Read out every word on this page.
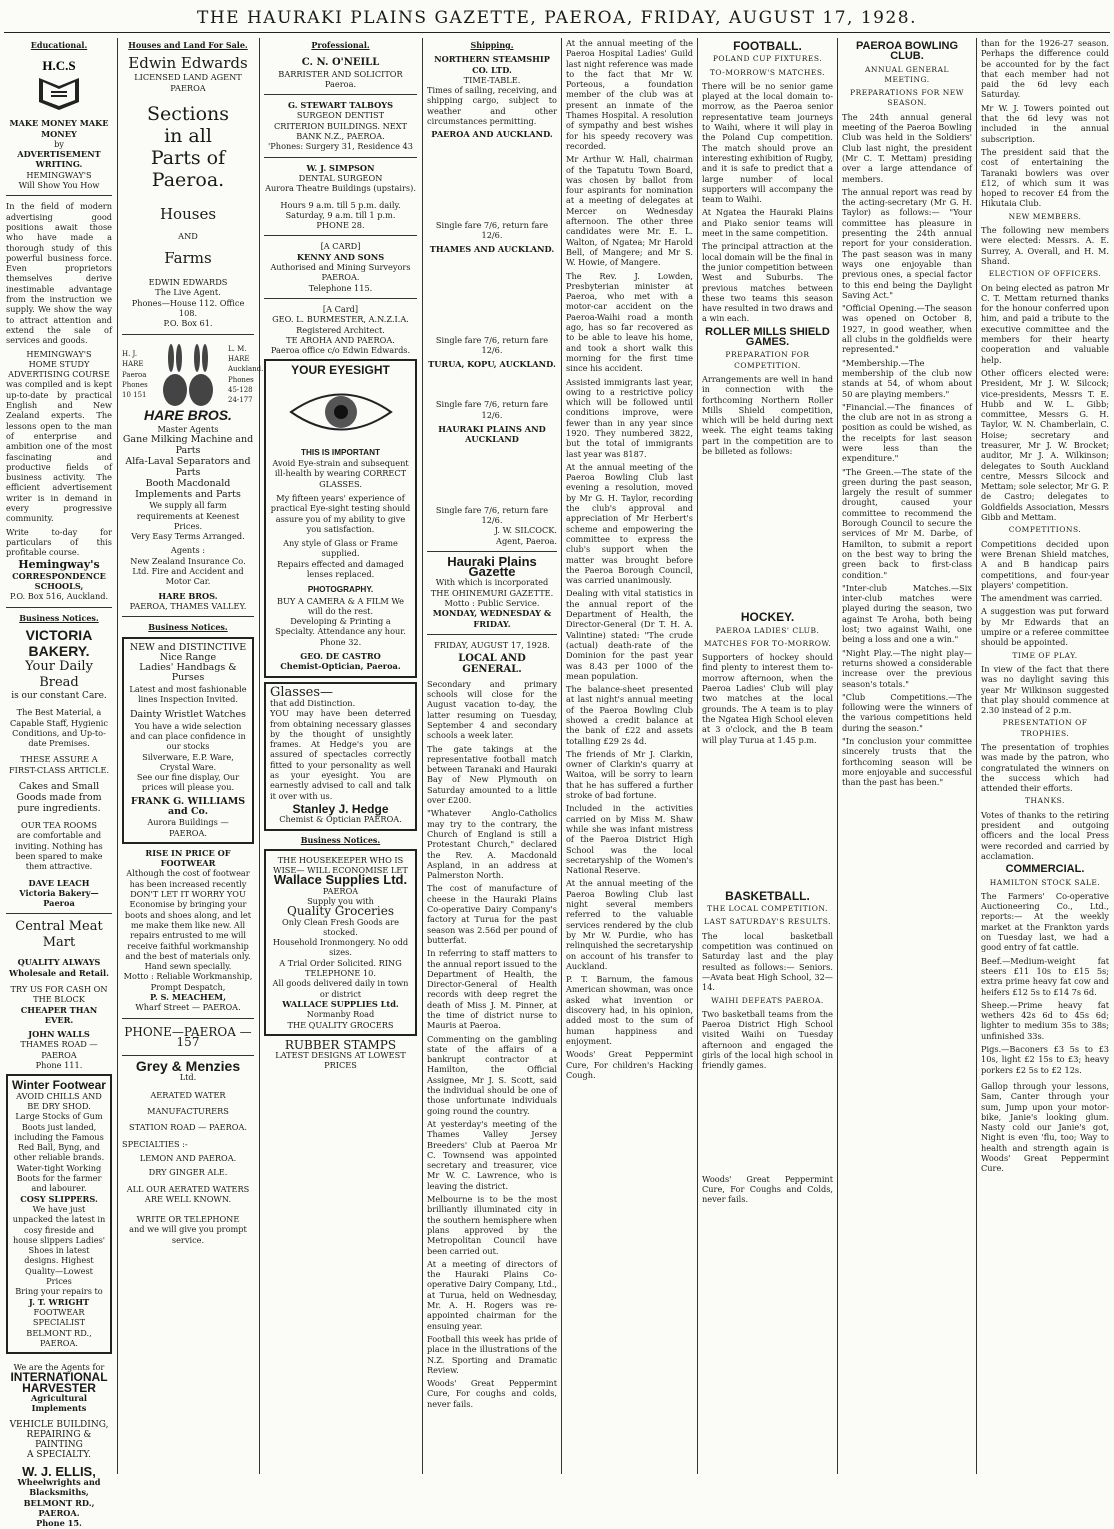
THE HAURAKI PLAINS GAZETTE, PAEROA, FRIDAY, AUGUST 17, 1928.
Educational.
H.C.S
MAKE MONEY MAKE MONEY
by
ADVERTISEMENT WRITING.
HEMINGWAY'S
Will Show You How

In the field of modern advertising good positions await those who have made a thorough study of this powerful business force. Even proprietors themselves derive inestimable advantage from the instruction we supply. We show the way to attract attention and extend the sale of services and goods.

HEMINGWAY'S
HOME STUDY
ADVERTISING COURSE

was compiled and is kept up-to-date by practical English and New Zealand experts. The lessons open to the man of enterprise and ambition one of the most fascinating and productive fields of business activity. The efficient advertisement writer is in demand in every progressive community.

Write to-day for particulars of this profitable course.

Hemingway's
CORRESPONDENCE SCHOOLS,
P.O. Box 516, Auckland.
Business Notices.
VICTORIA BAKERY.
Your Daily Bread
is our constant Care.
The Best Material, a Capable Staff, Hygienic Conditions, and Up-to-date Premises.
THESE ASSURE A FIRST-CLASS ARTICLE.
Cakes and Small Goods made from pure ingredients.
OUR TEA ROOMS
are comfortable and inviting. Nothing has been spared to make them attractive.
DAVE LEACH
Victoria Bakery—Paeroa
Central Meat Mart
QUALITY ALWAYS
Wholesale and Retail.
TRY US FOR CASH ON THE BLOCK
CHEAPER THAN EVER.
JOHN WALLS
THAMES ROAD — PAEROA
Phone 111.
Winter Footwear
AVOID CHILLS AND BE DRY SHOD.
Large Stocks of Gum Boots just landed, including the Famous Red Ball, Byng, and other reliable brands.
Water-tight Working Boots for the farmer and labourer.
COSY SLIPPERS.
We have just unpacked the latest in cosy fireside and house slippers Ladies' Shoes in latest designs. Highest Quality—Lowest Prices
Bring your repairs to
J. T. WRIGHT
FOOTWEAR SPECIALIST
BELMONT RD., PAEROA.
We are the Agents for
INTERNATIONAL
HARVESTER
Agricultural Implements
VEHICLE BUILDING,
REPAIRING & PAINTING
A SPECIALTY.
W. J. ELLIS,
Wheelwrights and
Blacksmiths,
BELMONT RD., PAEROA.
Phone 15.
Houses and Land For Sale.
Edwin Edwards
LICENSED LAND AGENT
PAEROA
Sections
in all
Parts of Paeroa.
Houses
AND
Farms
EDWIN EDWARDS
The Live Agent.
Phones—House 112. Office 108.
P.O. Box 61.
H. J. HARE Paeroa Phones 10 151
L. M. HARE Auckland. Phones 45-128 24-177
HARE BROS.
Master Agents
Gane Milking Machine and Parts
Alfa-Laval Separators and Parts
Booth Macdonald Implements and Parts
We supply all farm requirements at Keenest Prices.
Very Easy Terms Arranged.
Agents :
New Zealand Insurance Co. Ltd. Fire and Accident and Motor Car.
HARE BROS.
PAEROA, THAMES VALLEY.
Business Notices.
NEW and DISTINCTIVE
Nice Range
Ladies' Handbags & Purses
Latest and most fashionable lines Inspection Invited.
Dainty Wristlet Watches
You have a wide selection and can place confidence in our stocks
Silverware, E.P. Ware, Crystal Ware.
See our fine display, Our prices will please you.
FRANK G. WILLIAMS and Co.
Aurora Buildings — PAEROA.
RISE IN PRICE OF FOOTWEAR
Although the cost of footwear has been increased recently DON'T LET IT WORRY YOU Economise by bringing your boots and shoes along, and let me make them like new. All repairs entrusted to me will receive faithful workmanship and the best of materials only. Hand sewn specially.
Motto : Reliable Workmanship, Prompt Despatch,
P. S. MEACHEM,
Wharf Street — PAEROA.
PHONE—PAEROA —157
Grey & Menzies
Ltd.
AERATED WATER
MANUFACTURERS
STATION ROAD — PAEROA.
SPECIALTIES :-
LEMON AND PAEROA.
DRY GINGER ALE.
ALL OUR AERATED WATERS ARE WELL KNOWN.
WRITE OR TELEPHONE
and we will give you prompt service.
Professional.
C. N. O'NEILL
BARRISTER AND SOLICITOR
Paeroa.
G. STEWART TALBOYS
SURGEON DENTIST
CRITERION BUILDINGS. NEXT BANK N.Z., PAEROA.
'Phones: Surgery 31, Residence 43
W. J. SIMPSON
DENTAL SURGEON
Aurora Theatre Buildings (upstairs).
Hours 9 a.m. till 5 p.m. daily. Saturday, 9 a.m. till 1 p.m.
PHONE 28.
[A CARD]
KENNY AND SONS
Authorised and Mining Surveyors PAEROA.
Telephone 115.
[A Card]
GEO. L. BURMESTER, A.N.Z.I.A.
Registered Architect.
TE AROHA AND PAEROA.
Paeroa office c/o Edwin Edwards.
YOUR EYESIGHT
THIS IS IMPORTANT
Avoid Eye-strain and subsequent ill-health by wearing CORRECT GLASSES.
My fifteen years' experience of practical Eye-sight testing should assure you of my ability to give you satisfaction.
Any style of Glass or Frame supplied.
Repairs effected and damaged lenses replaced.
PHOTOGRAPHY.
BUY A CAMERA & A FILM We will do the rest.
Developing & Printing a Specialty. Attendance any hour. Phone 32.
GEO. DE CASTRO
Chemist-Optician, Paeroa.
Glasses—
that add Distinction.

YOU may have been deterred from obtaining necessary glasses by the thought of unsightly frames. At Hedge's you are assured of spectacles correctly fitted to your personality as well as your eyesight. You are earnestly advised to call and talk it over with us.

Stanley J. Hedge
Chemist & Optician PAEROA.
Business Notices.
THE HOUSEKEEPER WHO IS WISE— WILL ECONOMISE LET
Wallace Supplies Ltd.
PAEROA
Supply you with
Quality Groceries
Only Clean Fresh Goods are stocked.
Household Ironmongery. No odd sizes.
A Trial Order Solicited. RING TELEPHONE 10.
All goods delivered daily in town or district
WALLACE SUPPLIES Ltd.
Normanby Road
THE QUALITY GROCERS
RUBBER STAMPS
LATEST DESIGNS AT LOWEST PRICES
Shipping.
NORTHERN STEAMSHIP CO. LTD.
TIME-TABLE.

Times of sailing, receiving, and shipping cargo, subject to weather and other circumstances permitting.

PAEROA AND AUCKLAND.
Single fare 7/6, return fare 12/6.
THAMES AND AUCKLAND.
Single fare 7/6, return fare 12/6.
TURUA, KOPU, AUCKLAND.
Single fare 7/6, return fare 12/6.
HAURAKI PLAINS AND AUCKLAND
Single fare 7/6, return fare 12/6.
J. W. SILCOCK.
Agent, Paeroa.
Hauraki Plains Gazette
With which is incorporated
THE OHINEMURI GAZETTE.
Motto : Public Service.
MONDAY, WEDNESDAY & FRIDAY.
FRIDAY, AUGUST 17, 1928.
LOCAL AND GENERAL.

Secondary and primary schools will close for the August vacation to-day, the latter resuming on Tuesday, September 4 and secondary schools a week later.

The gate takings at the representative football match between Taranaki and Hauraki Bay of New Plymouth on Saturday amounted to a little over £200.

"Whatever Anglo-Catholics may try to the contrary, the Church of England is still a Protestant Church," declared the Rev. A. Macdonald Aspland, in an address at Palmerston North.

The cost of manufacture of cheese in the Hauraki Plains Co-operative Dairy Company's factory at Turua for the past season was 2.56d per pound of butterfat.

In referring to staff matters to the annual report issued to the Department of Health, the Director-General of Health records with deep regret the death of Miss J. M. Pinner, at the time of district nurse to Mauris at Paeroa.

Commenting on the gambling state of the affairs of a bankrupt contractor at Hamilton, the Official Assignee, Mr J. S. Scott, said the individual should be one of those unfortunate individuals going round the country.

At yesterday's meeting of the Thames Valley Jersey Breeders' Club at Paeroa Mr C. Townsend was appointed secretary and treasurer, vice Mr W. C. Lawrence, who is leaving the district.

Melbourne is to be the most brilliantly illuminated city in the southern hemisphere when plans approved by the Metropolitan Council have been carried out.

At a meeting of directors of the Hauraki Plains Co-operative Dairy Company, Ltd., at Turua, held on Wednesday, Mr. A. H. Rogers was re-appointed chairman for the ensuing year.

Football this week has pride of place in the illustrations of the N.Z. Sporting and Dramatic Review.

Woods' Great Peppermint Cure, For coughs and colds, never fails.

At the annual meeting of the Paeroa Hospital Ladies' Guild last night reference was made to the fact that Mr W. Porteous, a foundation member of the club was at present an inmate of the Thames Hospital. A resolution of sympathy and best wishes for his speedy recovery was recorded.

Mr Arthur W. Hall, chairman of the Tapatutu Town Board, was chosen by ballot from four aspirants for nomination at a meeting of delegates at Mercer on Wednesday afternoon. The other three candidates were Mr. E. L. Walton, of Ngatea; Mr Harold Bell, of Mangere; and Mr S. W. Howie, of Mangere.

The Rev. J. Lowden, Presbyterian minister at Paeroa, who met with a motor-car accident on the Paeroa-Waihi road a month ago, has so far recovered as to be able to leave his home, and took a short walk this morning for the first time since his accident.

Assisted immigrants last year, owing to a restrictive policy which will be followed until conditions improve, were fewer than in any year since 1920. They numbered 3822, but the total of immigrants last year was 8187.

At the annual meeting of the Paeroa Bowling Club last evening a resolution, moved by Mr G. H. Taylor, recording the club's approval and appreciation of Mr Herbert's scheme and empowering the committee to express the club's support when the matter was brought before the Paeroa Borough Council, was carried unanimously.

Dealing with vital statistics in the annual report of the Department of Health, the Director-General (Dr T. H. A. Valintine) stated: "The crude (actual) death-rate of the Dominion for the past year was 8.43 per 1000 of the mean population.

The balance-sheet presented at last night's annual meeting of the Paeroa Bowling Club showed a credit balance at the bank of £22 and assets totalling £29 2s 4d.

The friends of Mr J. Clarkin, owner of Clarkin's quarry at Waitoa, will be sorry to learn that he has suffered a further stroke of bad fortune.

Included in the activities carried on by Miss M. Shaw while she was infant mistress of the Paeroa District High School was the local secretaryship of the Women's National Reserve.

At the annual meeting of the Paeroa Bowling Club last night several members referred to the valuable services rendered by the club by Mr W. Purdie, who has relinquished the secretaryship on account of his transfer to Auckland.

P. T. Barnum, the famous American showman, was once asked what invention or discovery had, in his opinion, added most to the sum of human happiness and enjoyment.

Woods' Great Peppermint Cure, For children's Hacking Cough.

FOOTBALL.
POLAND CUP FIXTURES.
TO-MORROW'S MATCHES.

There will be no senior game played at the local domain to-morrow, as the Paeroa senior representative team journeys to Waihi, where it will play in the Poland Cup competition. The match should prove an interesting exhibition of Rugby, and it is safe to predict that a large number of local supporters will accompany the team to Waihi.

At Ngatea the Hauraki Plains and Piako senior teams will meet in the same competition.

The principal attraction at the local domain will be the final in the junior competition between West and Suburbs. The previous matches between these two teams this season have resulted in two draws and a win each.

ROLLER MILLS SHIELD GAMES.
PREPARATION FOR COMPETITION.

Arrangements are well in hand in connection with the forthcoming Northern Roller Mills Shield competition, which will be held during next week. The eight teams taking part in the competition are to be billeted as follows:

HOCKEY.
PAEROA LADIES' CLUB.
MATCHES FOR TO-MORROW.

Supporters of hockey should find plenty to interest them to-morrow afternoon, when the Paeroa Ladies' Club will play two matches at the local grounds. The A team is to play the Ngatea High School eleven at 3 o'clock, and the B team will play Turua at 1.45 p.m.

BASKETBALL.
THE LOCAL COMPETITION.
LAST SATURDAY'S RESULTS.

The local basketball competition was continued on Saturday last and the play resulted as follows:— Seniors.—Avata beat High School, 32—14.

WAIHI DEFEATS PAEROA.

Two basketball teams from the Paeroa District High School visited Waihi on Tuesday afternoon and engaged the girls of the local high school in friendly games.

Woods' Great Peppermint Cure, For Coughs and Colds, never fails.

PAEROA BOWLING CLUB.
ANNUAL GENERAL MEETING.
PREPARATIONS FOR NEW SEASON.

The 24th annual general meeting of the Paeroa Bowling Club was held in the Soldiers' Club last night, the president (Mr C. T. Mettam) presiding over a large attendance of members.

The annual report was read by the acting-secretary (Mr G. H. Taylor) as follows:— "Your committee has pleasure in presenting the 24th annual report for your consideration. The past season was in many ways one enjoyable than previous ones, a special factor to this end being the Daylight Saving Act."

"Official Opening.—The season was opened on October 8, 1927, in good weather, when all clubs in the goldfields were represented."

"Membership.—The membership of the club now stands at 54, of whom about 50 are playing members."

"Financial.—The finances of the club are not in as strong a position as could be wished, as the receipts for last season were less than the expenditure."

"The Green.—The state of the green during the past season, largely the result of summer drought, caused your committee to recommend the Borough Council to secure the services of Mr M. Darbe, of Hamilton, to submit a report on the best way to bring the green back to first-class condition."

"Inter-club Matches.—Six inter-club matches were played during the season, two against Te Aroha, both being lost; two against Waihi, one being a loss and one a win."

"Night Play.—The night play—returns showed a considerable increase over the previous season's totals."

"Club Competitions.—The following were the winners of the various competitions held during the season."

"In conclusion your committee sincerely trusts that the forthcoming season will be more enjoyable and successful than the past has been."

than for the 1926-27 season. Perhaps the difference could be accounted for by the fact that each member had not paid the 6d levy each Saturday.

Mr W. J. Towers pointed out that the 6d levy was not included in the annual subscription.

The president said that the cost of entertaining the Taranaki bowlers was over £12, of which sum it was hoped to recover £4 from the Hikutaia Club.

NEW MEMBERS.

The following new members were elected: Messrs. A. E. Surrey, A. Overall, and H. M. Shand.

ELECTION OF OFFICERS.

On being elected as patron Mr C. T. Mettam returned thanks for the honour conferred upon him, and paid a tribute to the executive committee and the members for their hearty cooperation and valuable help.

Other officers elected were: President, Mr J. W. Silcock; vice-presidents, Messrs T. E. Hubb and W. L. Gibb; committee, Messrs G. H. Taylor, W. N. Chamberlain, C. Hoise; secretary and treasurer, Mr J. W. Brocket; auditor, Mr J. A. Wilkinson; delegates to South Auckland centre, Messrs Silcock and Mettam; sole selector, Mr G. P. de Castro; delegates to Goldfields Association, Messrs Gibb and Mettam.

COMPETITIONS.

Competitions decided upon were Brenan Shield matches, A and B handicap pairs competitions, and four-year players' competition.

The amendment was carried.

A suggestion was put forward by Mr Edwards that an umpire or a referee committee should be appointed.

TIME OF PLAY.

In view of the fact that there was no daylight saving this year Mr Wilkinson suggested that play should commence at 2.30 instead of 2 p.m.

PRESENTATION OF TROPHIES.

The presentation of trophies was made by the patron, who congratulated the winners on the success which had attended their efforts.

THANKS.

Votes of thanks to the retiring president and outgoing officers and the local Press were recorded and carried by acclamation.

COMMERCIAL.
HAMILTON STOCK SALE.

The Farmers' Co-operative Auctioneering Co., Ltd., reports:— At the weekly market at the Frankton yards on Tuesday last, we had a good entry of fat cattle.

Beef.—Medium-weight fat steers £11 10s to £15 5s; extra prime heavy fat cow and heifers £12 5s to £14 7s 6d.

Sheep.—Prime heavy fat wethers 42s 6d to 45s 6d; lighter to medium 35s to 38s; unfinished 33s.

Pigs.—Baconers £3 5s to £3 10s, light £2 15s to £3; heavy porkers £2 5s to £2 12s.

Gallop through your lessons, Sam, Canter through your sum, Jump upon your motor-bike, Janie's looking glum. Nasty cold our Janie's got, Night is even 'flu, too; Way to health and strength again is Woods' Great Peppermint Cure.
